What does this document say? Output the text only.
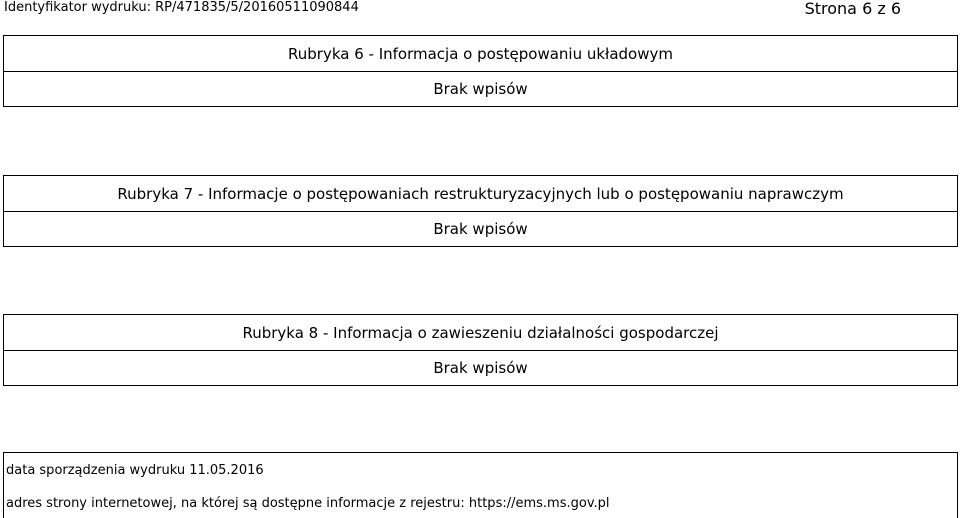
Identyfikator wydruku: RP/471835/5/20160511090844	Strona 6 z 6
Rubryka 6 - Informacja o postępowaniu układowym
Brak wpisów
Rubryka 7 - Informacje o postępowaniach restrukturyzacyjnych lub o postępowaniu naprawczym
Brak wpisów
Rubryka 8 - Informacja o zawieszeniu działalności gospodarczej
Brak wpisów
data sporządzenia wydruku 11.05.2016
adres strony internetowej, na której są dostępne informacje z rejestru: https://ems.ms.gov.pl
